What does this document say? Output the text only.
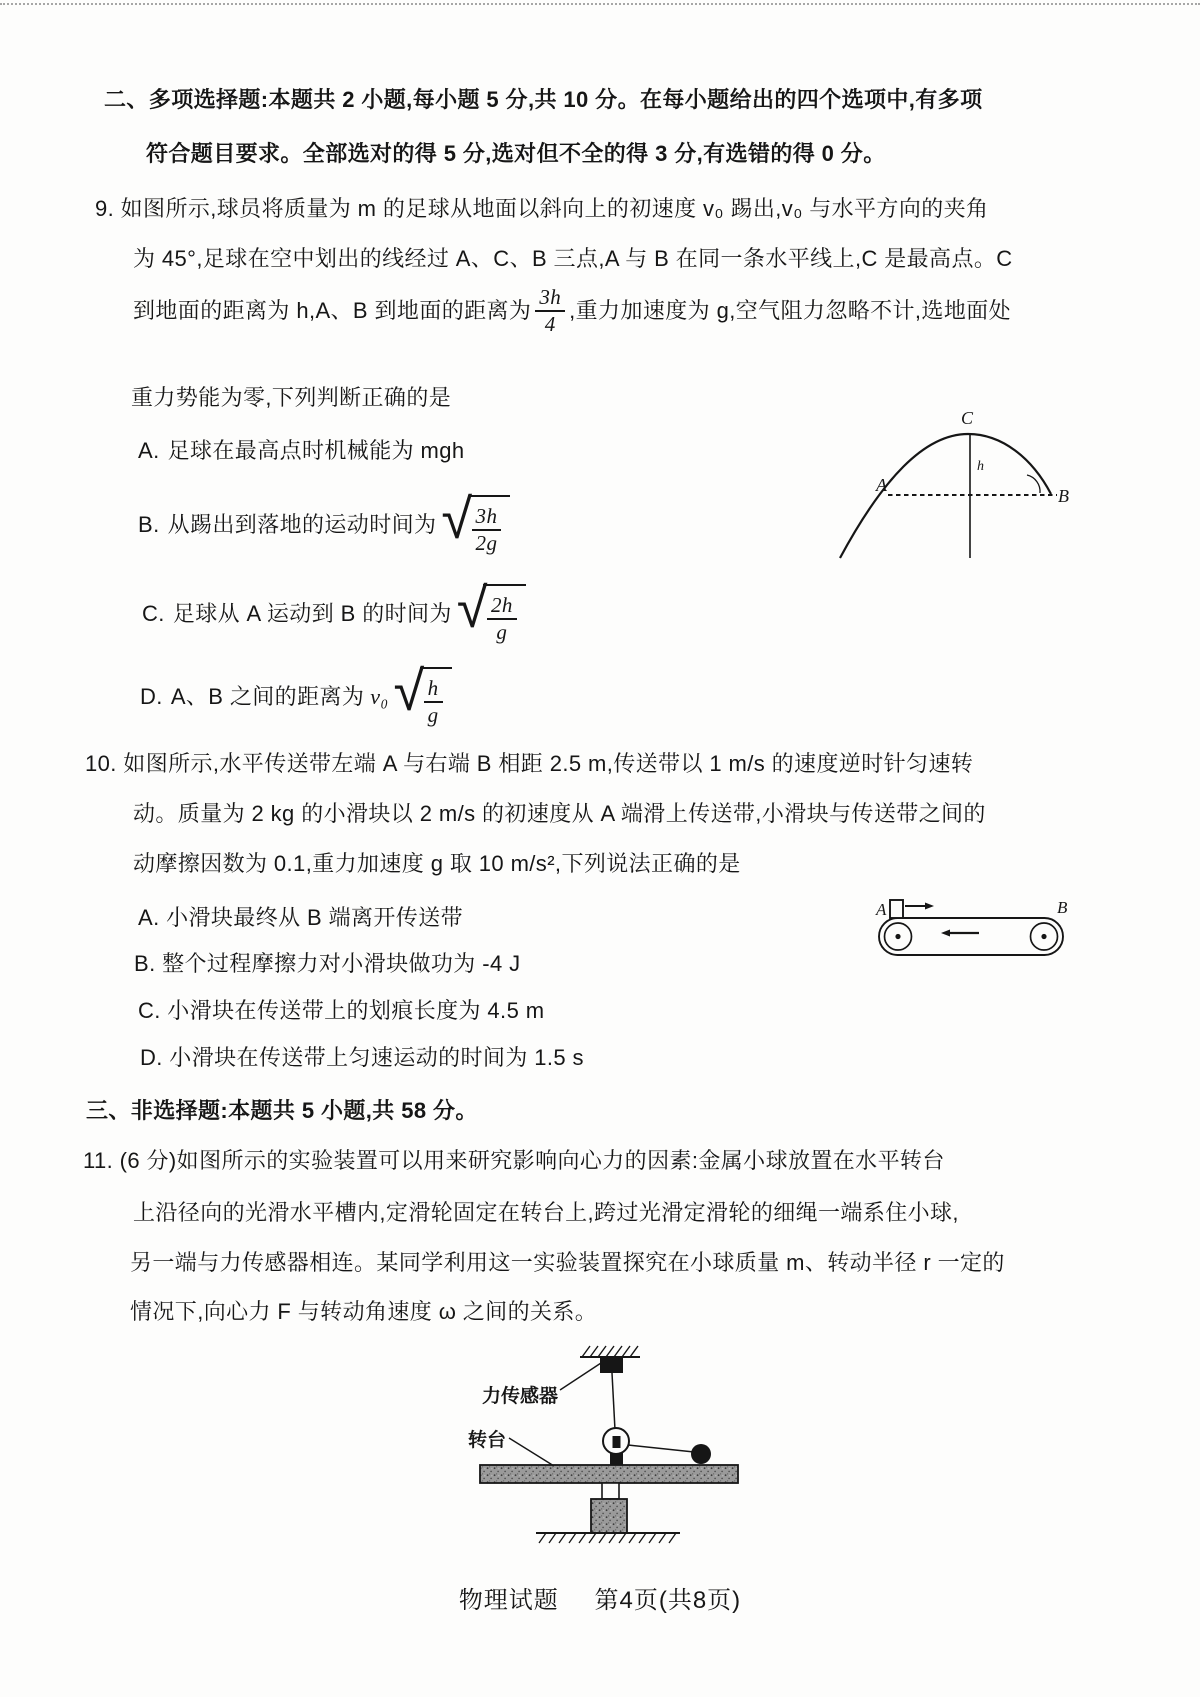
二、多项选择题:本题共 2 小题,每小题 5 分,共 10 分。在每小题给出的四个选项中,有多项
符合题目要求。全部选对的得 5 分,选对但不全的得 3 分,有选错的得 0 分。
9. 如图所示,球员将质量为 m 的足球从地面以斜向上的初速度 v₀ 踢出,v₀ 与水平方向的夹角
为 45°,足球在空中划出的线经过 A、C、B 三点,A 与 B 在同一条水平线上,C 是最高点。C
到地面的距离为 h,A、B 到地面的距离为 $\frac{3h}{4}$ ,重力加速度为 g,空气阻力忽略不计,选地面处
重力势能为零,下列判断正确的是
A. 足球在最高点时机械能为 mgh
B. 从踢出到落地的运动时间为 √ $\frac{3h}{2g}$
C. 足球从 A 运动到 B 的时间为 √ $\frac{2h}{g}$
D. A、B 之间的距离为 v₀ √ $\frac{h}{g}$
A
C
B
h
10. 如图所示,水平传送带左端 A 与右端 B 相距 2.5 m,传送带以 1 m/s 的速度逆时针匀速转
动。质量为 2 kg 的小滑块以 2 m/s 的初速度从 A 端滑上传送带,小滑块与传送带之间的
动摩擦因数为 0.1,重力加速度 g 取 10 m/s²,下列说法正确的是
A. 小滑块最终从 B 端离开传送带
B. 整个过程摩擦力对小滑块做功为 -4 J
C. 小滑块在传送带上的划痕长度为 4.5 m
D. 小滑块在传送带上匀速运动的时间为 1.5 s
A	B
三、非选择题:本题共 5 小题,共 58 分。
11. (6 分)如图所示的实验装置可以用来研究影响向心力的因素:金属小球放置在水平转台
上沿径向的光滑水平槽内,定滑轮固定在转台上,跨过光滑定滑轮的细绳一端系住小球,
另一端与力传感器相连。某同学利用这一实验装置探究在小球质量 m、转动半径 r 一定的
情况下,向心力 F 与转动角速度 ω 之间的关系。
力传感器
转台
物理试题 第4页(共8页)
